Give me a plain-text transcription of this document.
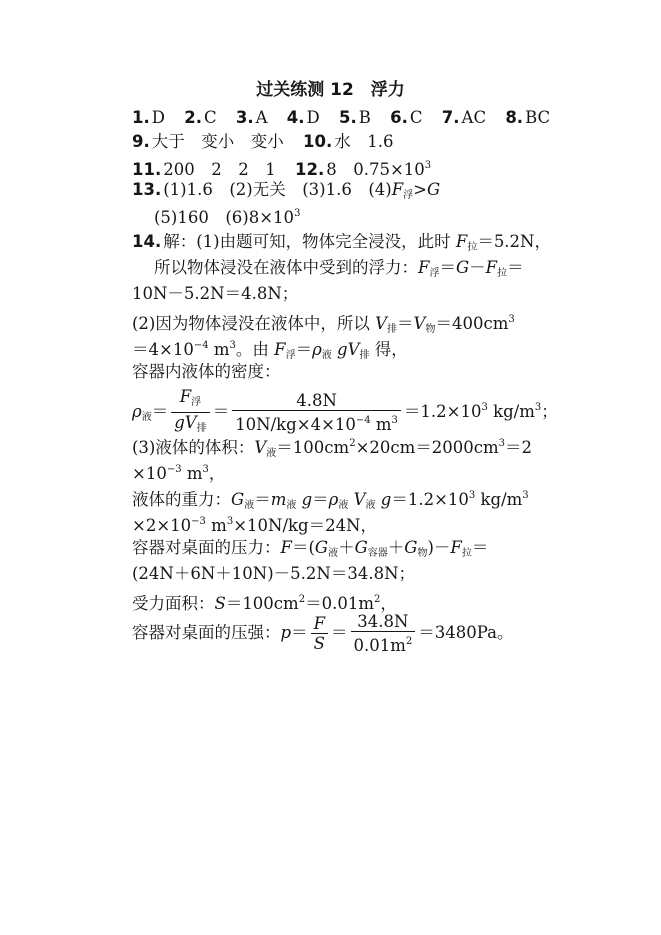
过关练测 12　浮力
1. D 2. C 3. A 4. D 5. B 6. C 7. AC 8. BC
9. 大于　变小　变小 10. 水　1.6
11. 200　2　2　1 12. 8　$0.75\times 10^3$
13. (1)1.6　(2)无关　(3)1.6　$(4)F_浮>G$
(5)160　$(6)8\times 10^3$
14. 解：(1)由题可知，物体完全浸没，此时 $F_拉=5.2N$，
所以物体浸没在液体中受到的浮力：$F_浮=G-F_拉=$
10N－5.2N＝4.8N；
(2)因为物体浸没在液体中，所以 $V_排=V_物=400cm^3$
$=4\times 10^{-4}$ $m^3$。由 $F_浮=\rho_液$ $gV_排$ 得，
容器内液体的密度：
$\rho_液= \frac{F_浮}{gV_排} = \frac{4.8N}{10N/kg\times 4\times 10^{-4} m^3} =1.2\times 10^3$ $kg/m^3$；
(3)液体的体积：$V_液=100cm^2\times 20cm=2000cm^3=2$
$\times 10^{-3}$ $m^3$，
液体的重力：$G_液=m_液$ $g=\rho_液$ $V_液$ $g=1.2\times 10^3$ $kg/m^3$
$\times 2\times 10^{-3}$ $m^3\times 10N/kg=24N$，
容器对桌面的压力：$F=(G_液+G_{容器}+G_物)-F_拉=$
(24N＋6N＋10N)－5.2N＝34.8N；
受力面积：$S=100cm^2=0.01m^2$，
容器对桌面的压强：$p= \frac{F}{S} = \frac{34.8N}{0.01m^2} =3480Pa$。
